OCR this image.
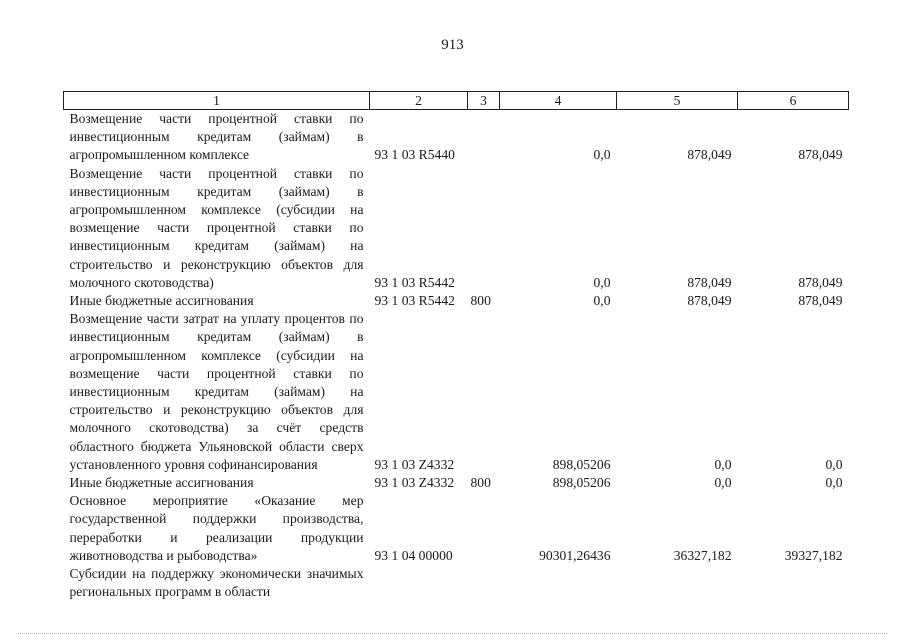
913
1	2	3	4	5	6
Возмещение части процентной ставки по инвестиционным кредитам (займам) в агропромышленном комплексе	93 1 03 R5440		0,0	878,049	878,049
Возмещение части процентной ставки по инвестиционным кредитам (займам) в агропромышленном комплексе (субсидии на возмещение части процентной ставки по инвестиционным кредитам (займам) на строительство и реконструкцию объектов для молочного скотоводства)	93 1 03 R5442		0,0	878,049	878,049
Иные бюджетные ассигнования	93 1 03 R5442	800	0,0	878,049	878,049
Возмещение части затрат на уплату процентов по инвестиционным кредитам (займам) в агропромышленном комплексе (субсидии на возмещение части процентной ставки по инвестиционным кредитам (займам) на строительство и реконструкцию объектов для молочного скотоводства) за счёт средств областного бюджета Ульяновской области сверх установленного уровня софинансирования	93 1 03 Z4332		898,05206	0,0	0,0
Иные бюджетные ассигнования	93 1 03 Z4332	800	898,05206	0,0	0,0
Основное мероприятие «Оказание мер государственной поддержки производства, переработки и реализации продукции животноводства и рыбоводства»	93 1 04 00000		90301,26436	36327,182	39327,182
Субсидии на поддержку экономически значимых региональных программ в области					
